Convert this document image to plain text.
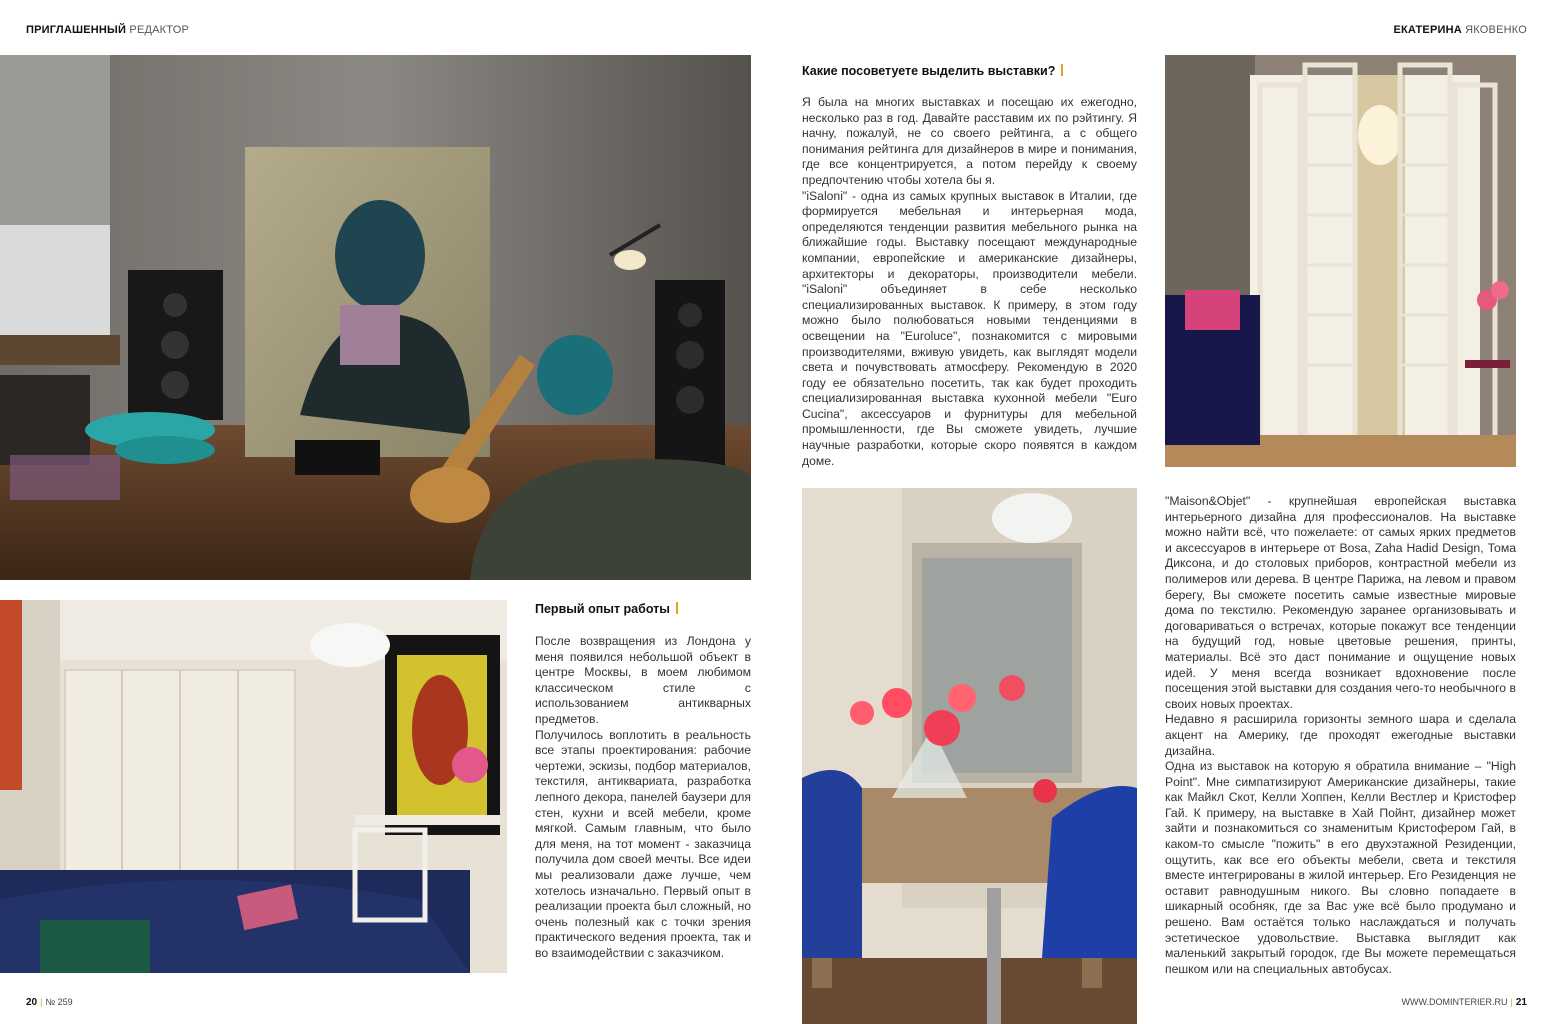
ПРИГЛАШЕННЫЙ РЕДАКТОР	ЕКАТЕРИНА ЯКОВЕНКО
Какие посоветуете выделить выставки?

Я была на многих выставках и посещаю их ежегодно, несколько раз в год. Давайте расставим их по рэйтингу. Я начну, пожалуй, не со своего рейтинга, а с общего понимания рейтинга для дизайнеров в мире и понимания, где все концентрируется, а потом перейду к своему предпочтению чтобы хотела бы я.

"iSaloni" - одна из самых крупных выставок в Италии, где формируется мебельная и интерьерная мода, определяются тенденции развития мебельного рынка на ближайшие годы. Выставку посещают международные компании, европейские и американские дизайнеры, архитекторы и декораторы, производители мебели. "iSaloni" объединяет в себе несколько специализированных выставок. К примеру, в этом году можно было полюбоваться новыми тенденциями в освещении на "Euroluce", познакомится с мировыми производителями, вживую увидеть, как выглядят модели света и почувствовать атмосферу. Рекомендую в 2020 году ее обязательно посетить, так как будет проходить специализированная выставка кухонной мебели "Euro Cucina", аксессуаров и фурнитуры для мебельной промышленности, где Вы сможете увидеть, лучшие научные разработки, которые скоро появятся в каждом доме.

Первый опыт работы

После возвращения из Лондона у меня появился небольшой объект в центре Москвы, в моем любимом классическом стиле с использованием антикварных предметов.

Получилось воплотить в реальность все этапы проектирования: рабочие чертежи, эскизы, подбор материалов, текстиля, антиквариата, разработка лепного декора, панелей баузери для стен, кухни и всей мебели, кроме мягкой. Самым главным, что было для меня, на тот момент - заказчица получила дом своей мечты. Все идеи мы реализовали даже лучше, чем хотелось изначально. Первый опыт в реализации проекта был сложный, но очень полезный как с точки зрения практического ведения проекта, так и во взаимодействии с заказчиком.

"Maison&Objet" - крупнейшая европейская выставка интерьерного дизайна для профессионалов. На выставке можно найти всё, что пожелаете: от самых ярких предметов и аксессуаров в интерьере от Bosa, Zaha Hadid Design, Тома Диксона, и до столовых приборов, контрастной мебели из полимеров или дерева. В центре Парижа, на левом и правом берегу, Вы сможете посетить самые известные мировые дома по текстилю. Рекомендую заранее организовывать и договариваться о встречах, которые покажут все тенденции на будущий год, новые цветовые решения, принты, материалы. Всё это даст понимание и ощущение новых идей. У меня всегда возникает вдохновение после посещения этой выставки для создания чего-то необычного в своих новых проектах.

Недавно я расширила горизонты земного шара и сделала акцент на Америку, где проходят ежегодные выставки дизайна.

Одна из выставок на которую я обратила внимание – "High Point". Мне симпатизируют Американские дизайнеры, такие как Майкл Скот, Келли Хоппен, Келли Вестлер и Кристофер Гай. К примеру, на выставке в Хай Пойнт, дизайнер может зайти и познакомиться со знаменитым Кристофером Гай, в каком-то смысле "пожить" в его двухэтажной Резиденции, ощутить, как все его объекты мебели, света и текстиля вместе интегрированы в жилой интерьер. Его Резиденция не оставит равнодушным никого. Вы словно попадаете в шикарный особняк, где за Вас уже всё было продумано и решено. Вам остаётся только наслаждаться и получать эстетическое удовольствие. Выставка выглядит как маленький закрытый городок, где Вы можете перемещаться пешком или на специальных автобусах.

20 | № 259	WWW.DOMINTERIER.RU | 21
